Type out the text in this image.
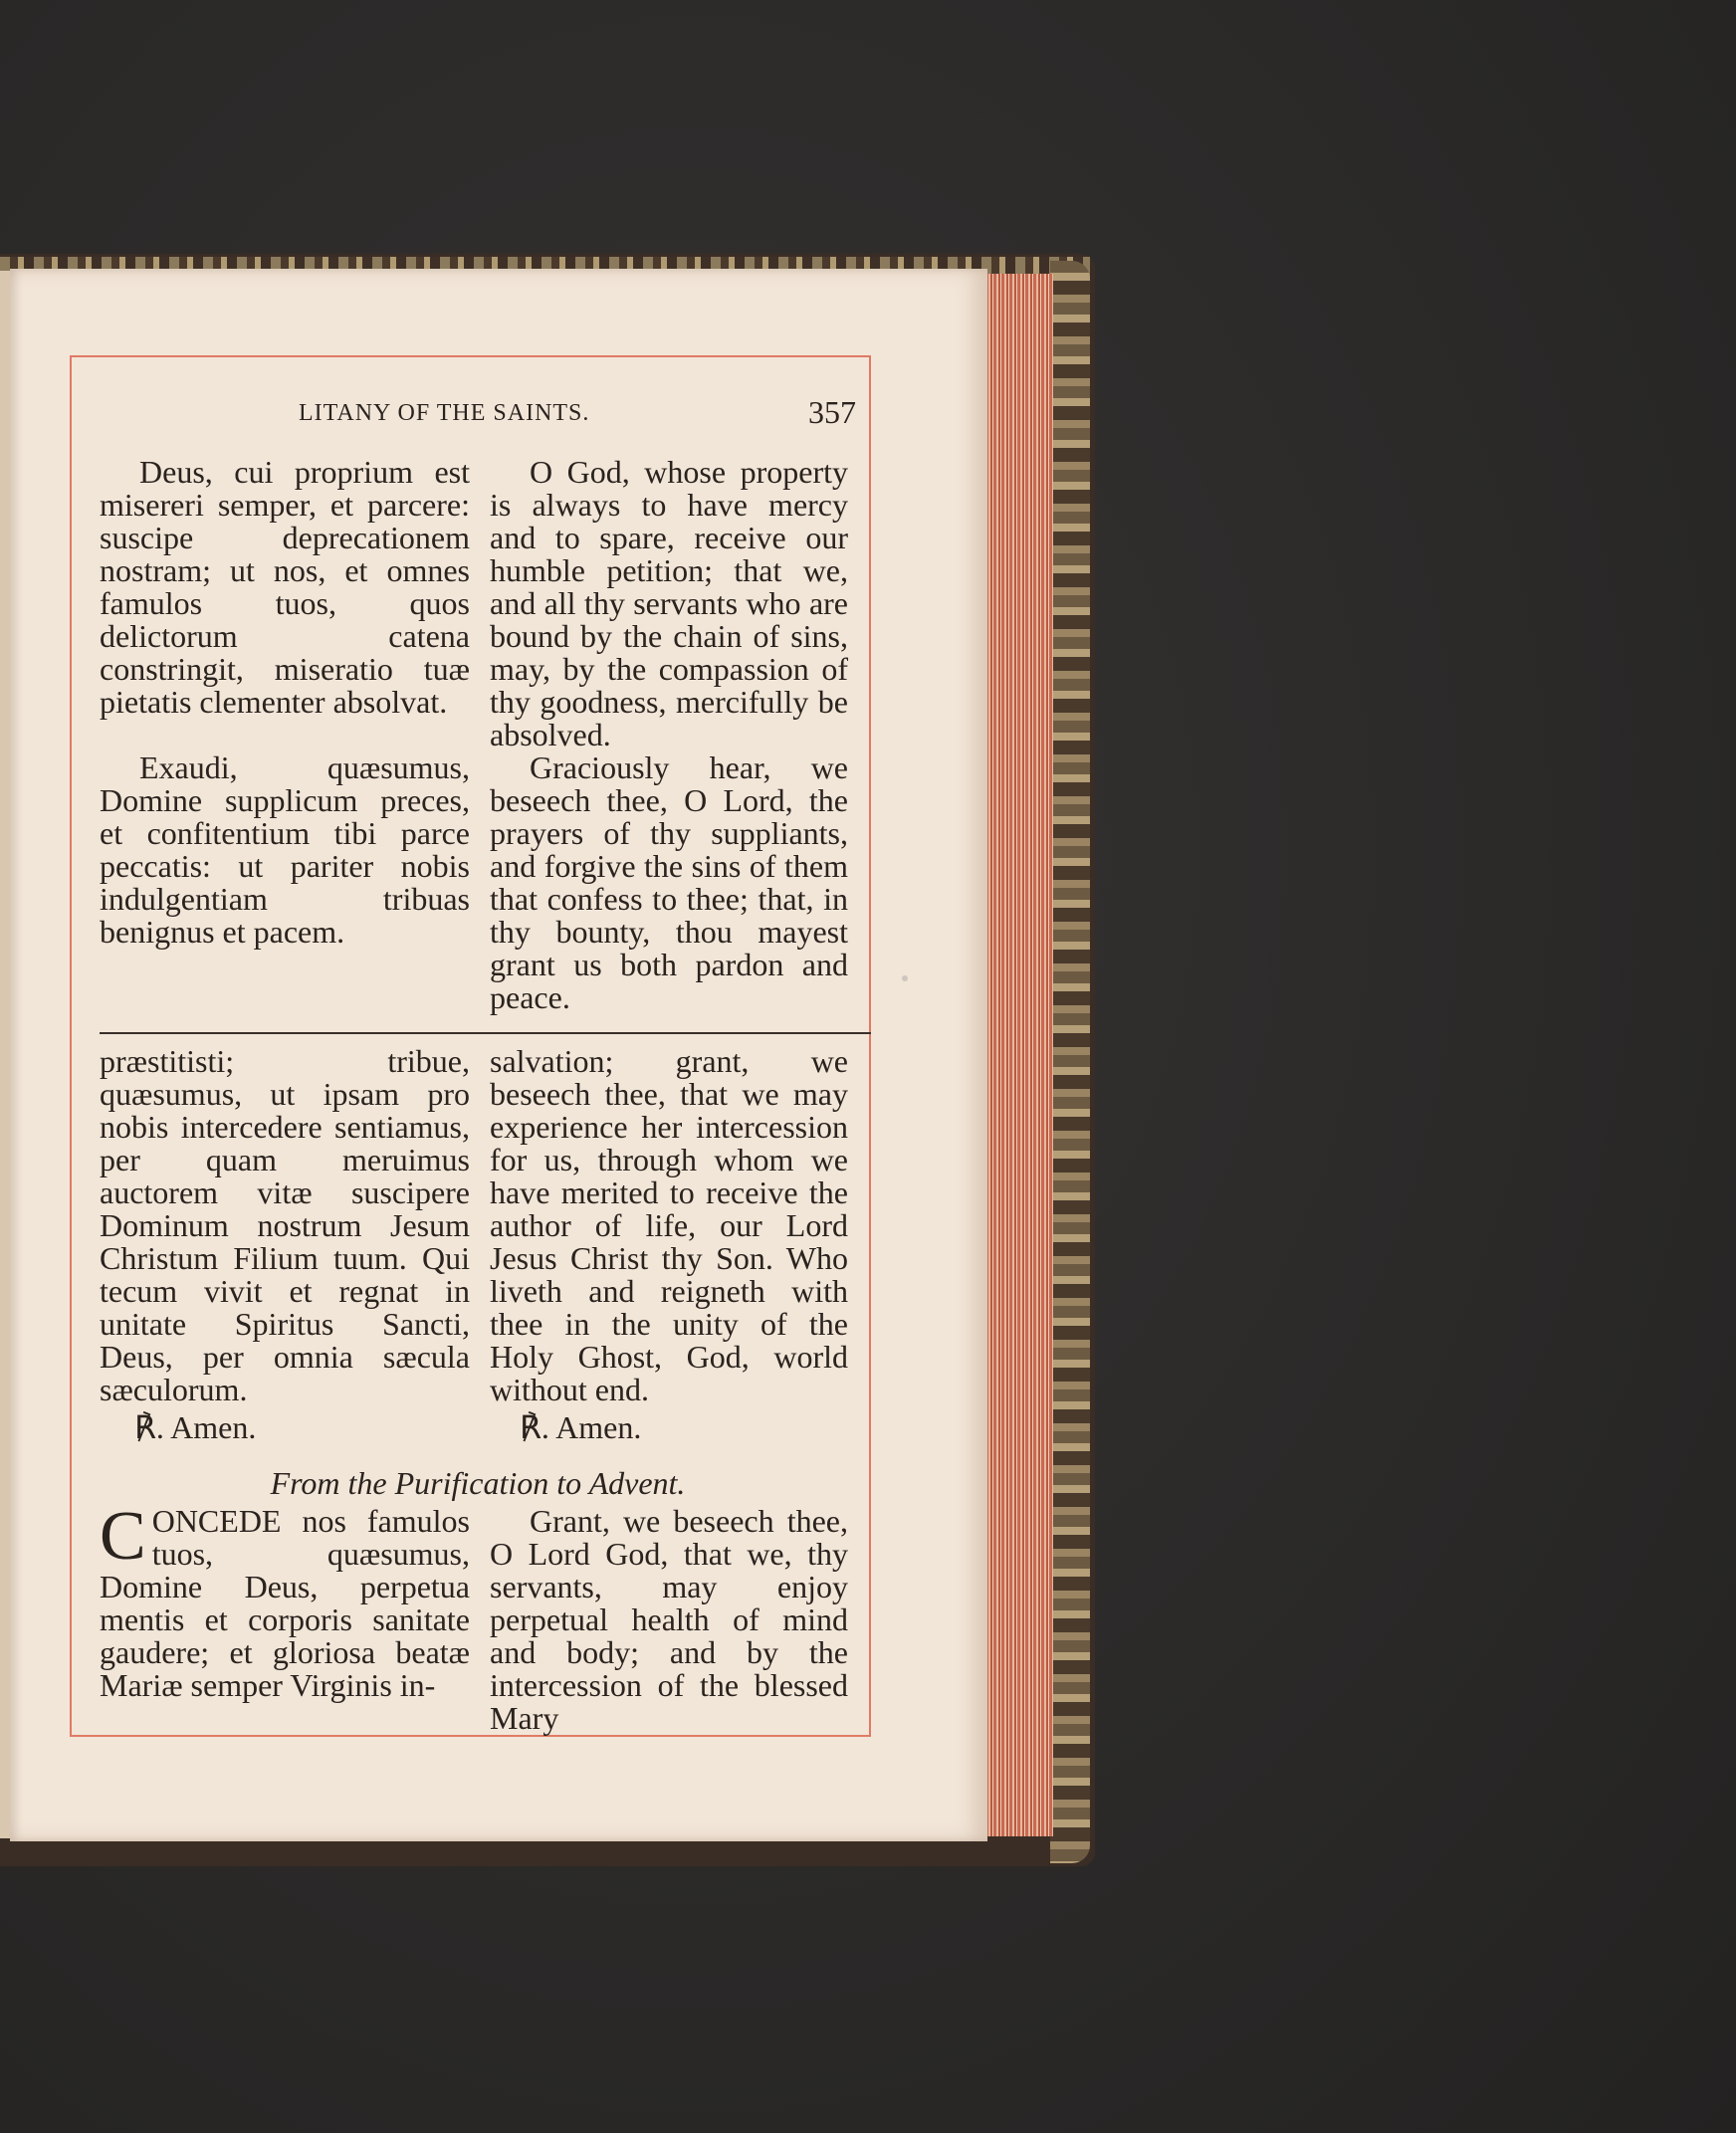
LITANY OF THE SAINTS.	357

Deus, cui proprium est misereri semper, et parcere: suscipe deprecationem nostram; ut nos, et omnes famulos tuos, quos delictorum catena constringit, miseratio tuæ pietatis clementer absolvat.

Exaudi, quæsumus, Domine supplicum preces, et confitentium tibi parce peccatis: ut pariter nobis indulgentiam tribuas benignus et pacem.

O God, whose property is always to have mercy and to spare, receive our humble petition; that we, and all thy servants who are bound by the chain of sins, may, by the compassion of thy goodness, mercifully be absolved.

Graciously hear, we beseech thee, O Lord, the prayers of thy suppliants, and forgive the sins of them that confess to thee; that, in thy bounty, thou mayest grant us both pardon and peace.

præstitisti; tribue, quæsumus, ut ipsam pro nobis intercedere sentiamus, per quam meruimus auctorem vitæ suscipere Dominum nostrum Jesum Christum Filium tuum. Qui tecum vivit et regnat in unitate Spiritus Sancti, Deus, per omnia sæcula sæculorum.

salvation; grant, we beseech thee, that we may experience her intercession for us, through whom we have merited to receive the author of life, our Lord Jesus Christ thy Son. Who liveth and reigneth with thee in the unity of the Holy Ghost, God, world without end.

℟. Amen.	℟. Amen.

From the Purification to Advent.

CONCEDE nos famulos tuos, quæsumus, Domine Deus, perpetua mentis et corporis sanitate gaudere; et gloriosa beatæ Mariæ semper Virginis in-

Grant, we beseech thee, O Lord God, that we, thy servants, may enjoy perpetual health of mind and body; and by the intercession of the blessed Mary
